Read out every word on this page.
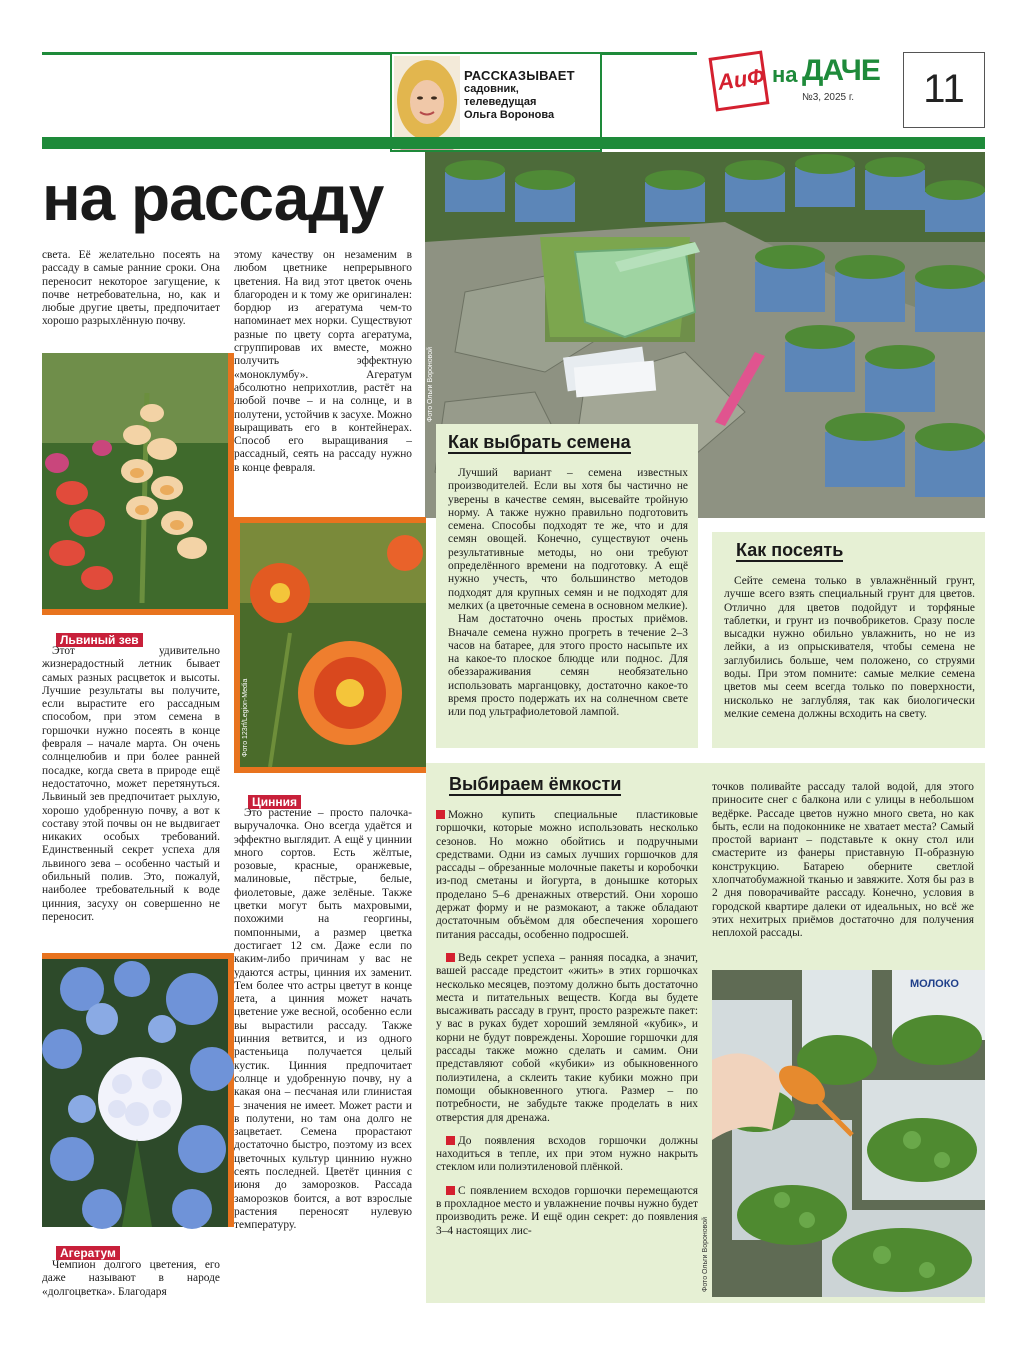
РАССКАЗЫВАЕТ
садовник,
телеведущая
Ольга Воронова
АиФ на ДАЧЕ
№3, 2025 г.	11
на рассаду
Фото Ольги Вороновой

света. Её желательно посеять на рассаду в самые ранние сроки. Она переносит некоторое загущение, к почве нетребовательна, но, как и любые другие цветы, предпочитает хорошо разрыхлённую почву.

Львиный зев

Этот удивительно жизнерадостный летник бывает самых разных расцветок и высоты. Лучшие результаты вы получите, если вырастите его рассадным способом, при этом семена в горшочки нужно посеять в конце февраля – начале марта. Он очень солнцелюбив и при более ранней посадке, когда света в природе ещё недостаточно, может перетянуться. Львиный зев предпочитает рыхлую, хорошо удобренную почву, а вот к составу этой почвы он не выдвигает никаких особых требований. Единственный секрет успеха для львиного зева – особенно частый и обильный полив. Это, пожалуй, наиболее требовательный к воде цинния, засуху он совершенно не переносит.

Агератум

Чемпион долгого цветения, его даже называют в народе «долгоцветка». Благодаря

этому качеству он незаменим в любом цветнике непрерывного цветения. На вид этот цветок очень благороден и к тому же оригинален: бордюр из агератума чем-то напоминает мех норки. Существуют разные по цвету сорта агератума, сгруппировав их вместе, можно получить эффектную «моноклумбу». Агератум абсолютно неприхотлив, растёт на любой почве – и на солнце, и в полутени, устойчив к засухе. Можно выращивать его в контейнерах. Способ его выращивания – рассадный, сеять на рассаду нужно в конце февраля.

Фото 123rf/Legion-Media
Цинния

Это растение – просто палочка-выручалочка. Оно всегда удаётся и эффектно выглядит. А ещё у циннии много сортов. Есть жёлтые, розовые, красные, оранжевые, малиновые, пёстрые, белые, фиолетовые, даже зелёные. Также цветки могут быть махровыми, похожими на георгины, помпонными, а размер цветка достигает 12 см. Даже если по каким-либо причинам у вас не удаются астры, цинния их заменит. Тем более что астры цветут в конце лета, а цинния может начать цветение уже весной, особенно если вы вырастили рассаду. Также цинния ветвится, и из одного растеньица получается целый кустик. Цинния предпочитает солнце и удобренную почву, ну а какая она – песчаная или глинистая – значения не имеет. Может расти и в полутени, но там она долго не зацветает. Семена прорастают достаточно быстро, поэтому из всех цветочных культур циннию нужно сеять последней. Цветёт цинния с июня до заморозков. Рассада заморозков боится, а вот взрослые растения переносят нулевую температуру.

Как выбрать семена

Лучший вариант – семена известных производителей. Если вы хотя бы частично не уверены в качестве семян, высевайте тройную норму. А также нужно правильно подготовить семена. Способы подходят те же, что и для семян овощей. Конечно, существуют очень результативные методы, но они требуют определённого времени на подготовку. А ещё нужно учесть, что большинство методов подходят для крупных семян и не подходят для мелких (а цветочные семена в основном мелкие).

Нам достаточно очень простых приёмов. Вначале семена нужно прогреть в течение 2–3 часов на батарее, для этого просто насыпьте их на какое-то плоское блюдце или поднос. Для обеззараживания семян необязательно использовать марганцовку, достаточно какое-то время просто подержать их на солнечном свете или под ультрафиолетовой лампой.

Как посеять

Сейте семена только в увлажнённый грунт, лучше всего взять специальный грунт для цветов. Отлично для цветов подойдут и торфяные таблетки, и грунт из почвобрикетов. Сразу после высадки нужно обильно увлажнить, но не из лейки, а из опрыскивателя, чтобы семена не заглубились больше, чем положено, со струями воды. При этом помните: самые мелкие семена цветов мы сеем всегда только по поверхности, нисколько не заглубляя, так как биологически мелкие семена должны всходить на свету.

Выбираем ёмкости

Можно купить специальные пластиковые горшочки, которые можно использовать несколько сезонов. Но можно обойтись и подручными средствами. Одни из самых лучших горшочков для рассады – обрезанные молочные пакеты и коробочки из-под сметаны и йогурта, в донышке которых проделано 5–6 дренажных отверстий. Они хорошо держат форму и не размокают, а также обладают достаточным объёмом для обеспечения хорошего питания рассады, особенно подросшей.

Ведь секрет успеха – ранняя посадка, а значит, вашей рассаде предстоит «жить» в этих горшочках несколько месяцев, поэтому должно быть достаточно места и питательных веществ. Когда вы будете высаживать рассаду в грунт, просто разрежьте пакет: у вас в руках будет хороший земляной «кубик», и корни не будут повреждены. Хорошие горшочки для рассады также можно сделать и самим. Они представляют собой «кубики» из обыкновенного полиэтилена, а склеить такие кубики можно при помощи обыкновенного утюга. Размер – по потребности, не забудьте также проделать в них отверстия для дренажа.

До появления всходов горшочки должны находиться в тепле, их при этом нужно накрыть стеклом или полиэтиленовой плёнкой.

С появлением всходов горшочки перемещаются в прохладное место и увлажнение почвы нужно будет производить реже. И ещё один секрет: до появления 3–4 настоящих лис-

точков поливайте рассаду талой водой, для этого приносите снег с балкона или с улицы в небольшом ведёрке. Рассаде цветов нужно много света, но как быть, если на подоконнике не хватает места? Самый простой вариант – подставьте к окну стол или смастерите из фанеры приставную П-образную конструкцию. Батарею оберните светлой хлопчатобумажной тканью и завяжите. Хотя бы раз в 2 дня поворачивайте рассаду. Конечно, условия в городской квартире далеки от идеальных, но всё же этих нехитрых приёмов достаточно для получения неплохой рассады.

МОЛОКО
Фото Ольги Вороновой
